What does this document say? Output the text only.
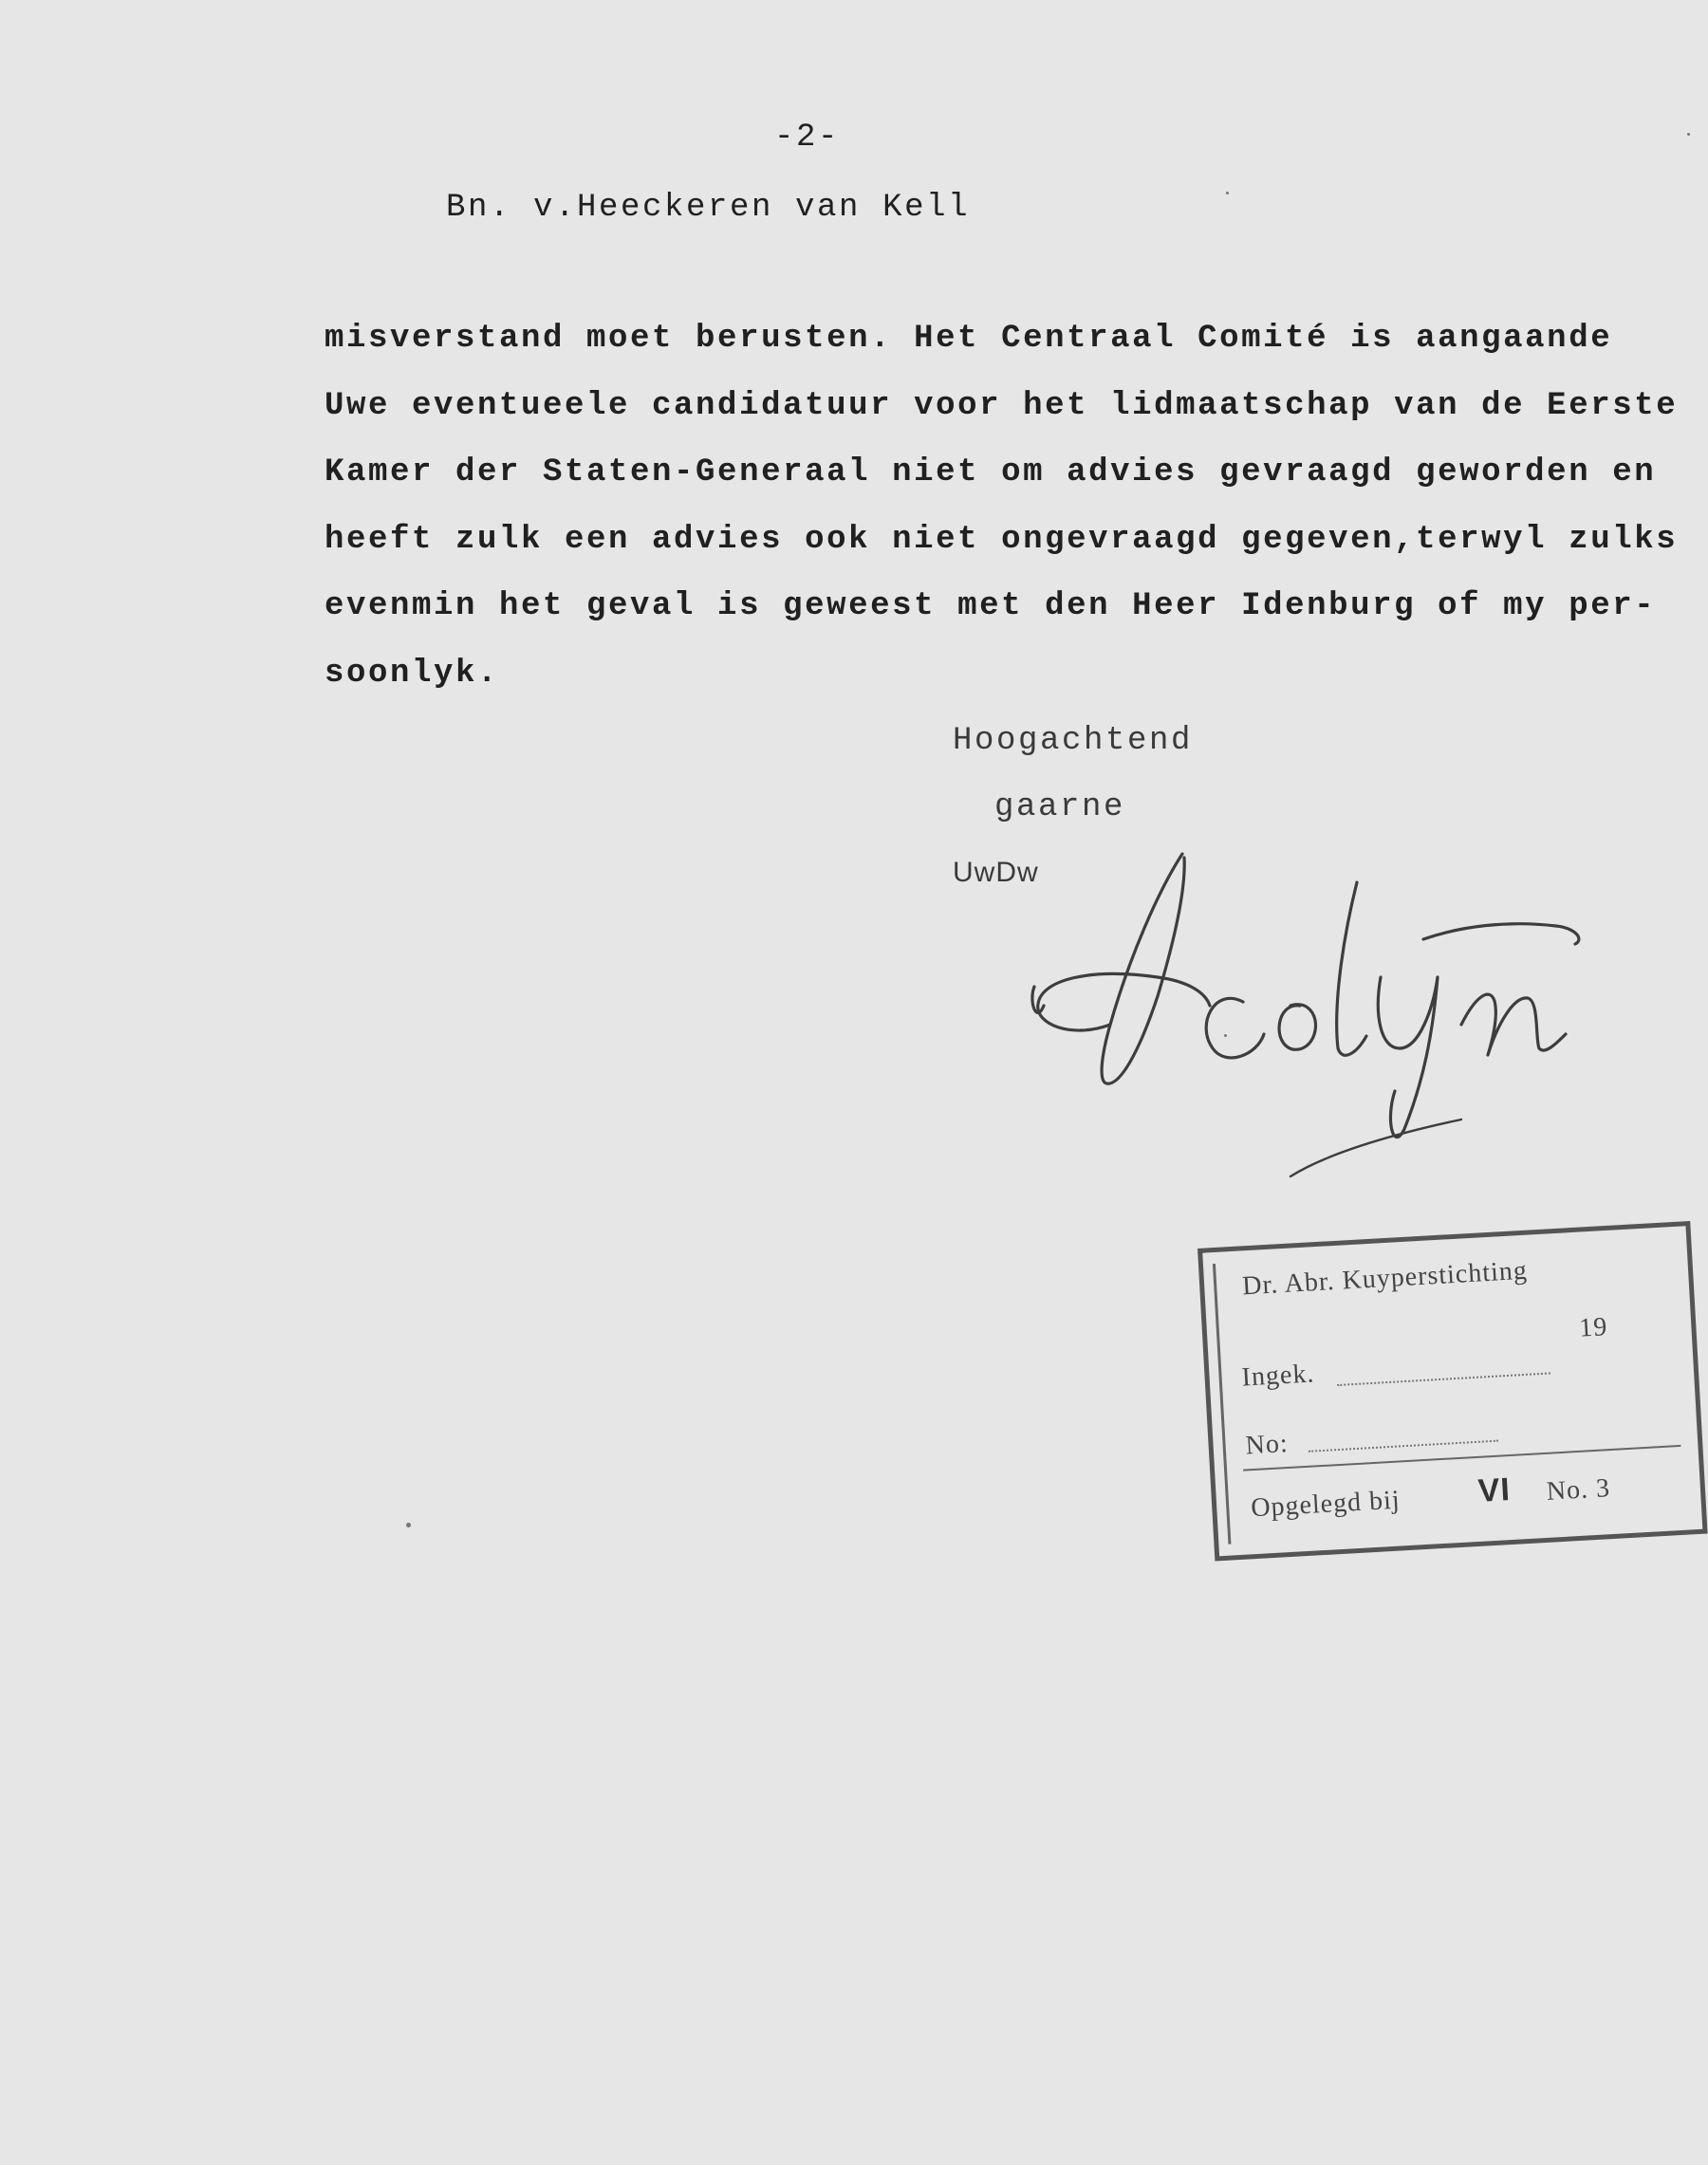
-2-
Bn. v.Heeckeren van Kell
misverstand moet berusten. Het Centraal Comité is aangaande
Uwe eventueele candidatuur voor het lidmaatschap van de Eerste
Kamer der Staten-Generaal niet om advies gevraagd geworden en
heeft zulk een advies ook niet ongevraagd gegeven,terwyl zulks
evenmin het geval is geweest met den Heer Idenburg of my per-
soonlyk.
Hoogachtend
gaarne
UwDw
Dr. Abr. Kuyperstichting
19
Ingek.
No:
Opgelegd bij VI No. 3
